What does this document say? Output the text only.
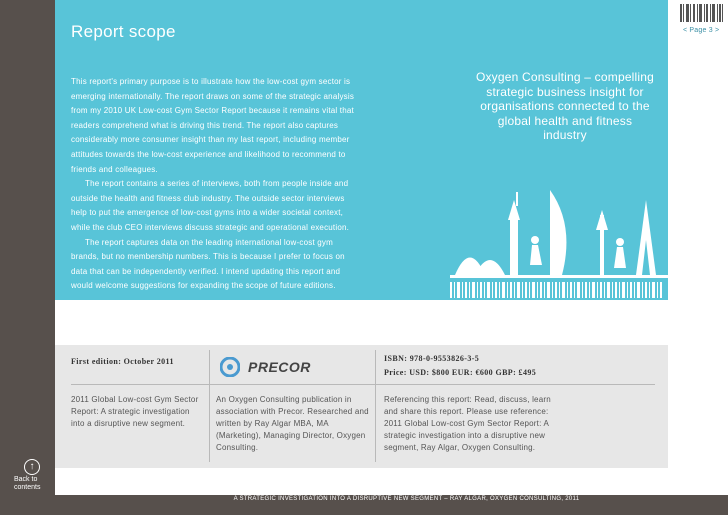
< Page 3 >
Report scope

This report's primary purpose is to illustrate how the low-cost gym sector is emerging internationally. The report draws on some of the strategic analysis from my 2010 UK Low-cost Gym Sector Report because it remains vital that readers comprehend what is driving this trend. The report also captures considerably more consumer insight than my last report, including member attitudes towards the low-cost experience and likelihood to recommend to friends and colleagues.

The report contains a series of interviews, both from people inside and outside the health and fitness club industry. The outside sector interviews help to put the emergence of low-cost gyms into a wider societal context, while the club CEO interviews discuss strategic and operational execution.

The report captures data on the leading international low-cost gym brands, but no membership numbers. This is because I prefer to focus on data that can be independently verified. I intend updating this report and would welcome suggestions for expanding the scope of future editions.

Currency. The United States dollar (USD) is used throughout this report.

Oxygen Consulting – compelling strategic business insight for organisations connected to the global health and fitness industry
First edition: October 2011	PRECOR
ISBN: 978-0-9553826-3-5
Price: USD: $800 EUR: €600 GBP: £495
2011 Global Low-cost Gym Sector Report: A strategic investigation into a disruptive new segment.
An Oxygen Consulting publication in association with Precor. Researched and written by Ray Algar MBA, MA (Marketing), Managing Director, Oxygen Consulting.
Referencing this report: Read, discuss, learn and share this report. Please use reference: 2011 Global Low-cost Gym Sector Report: A strategic investigation into a disruptive new segment, Ray Algar, Oxygen Consulting.
↑
Back to contents
A STRATEGIC INVESTIGATION INTO A DISRUPTIVE NEW SEGMENT – RAY ALGAR, OXYGEN CONSULTING, 2011
